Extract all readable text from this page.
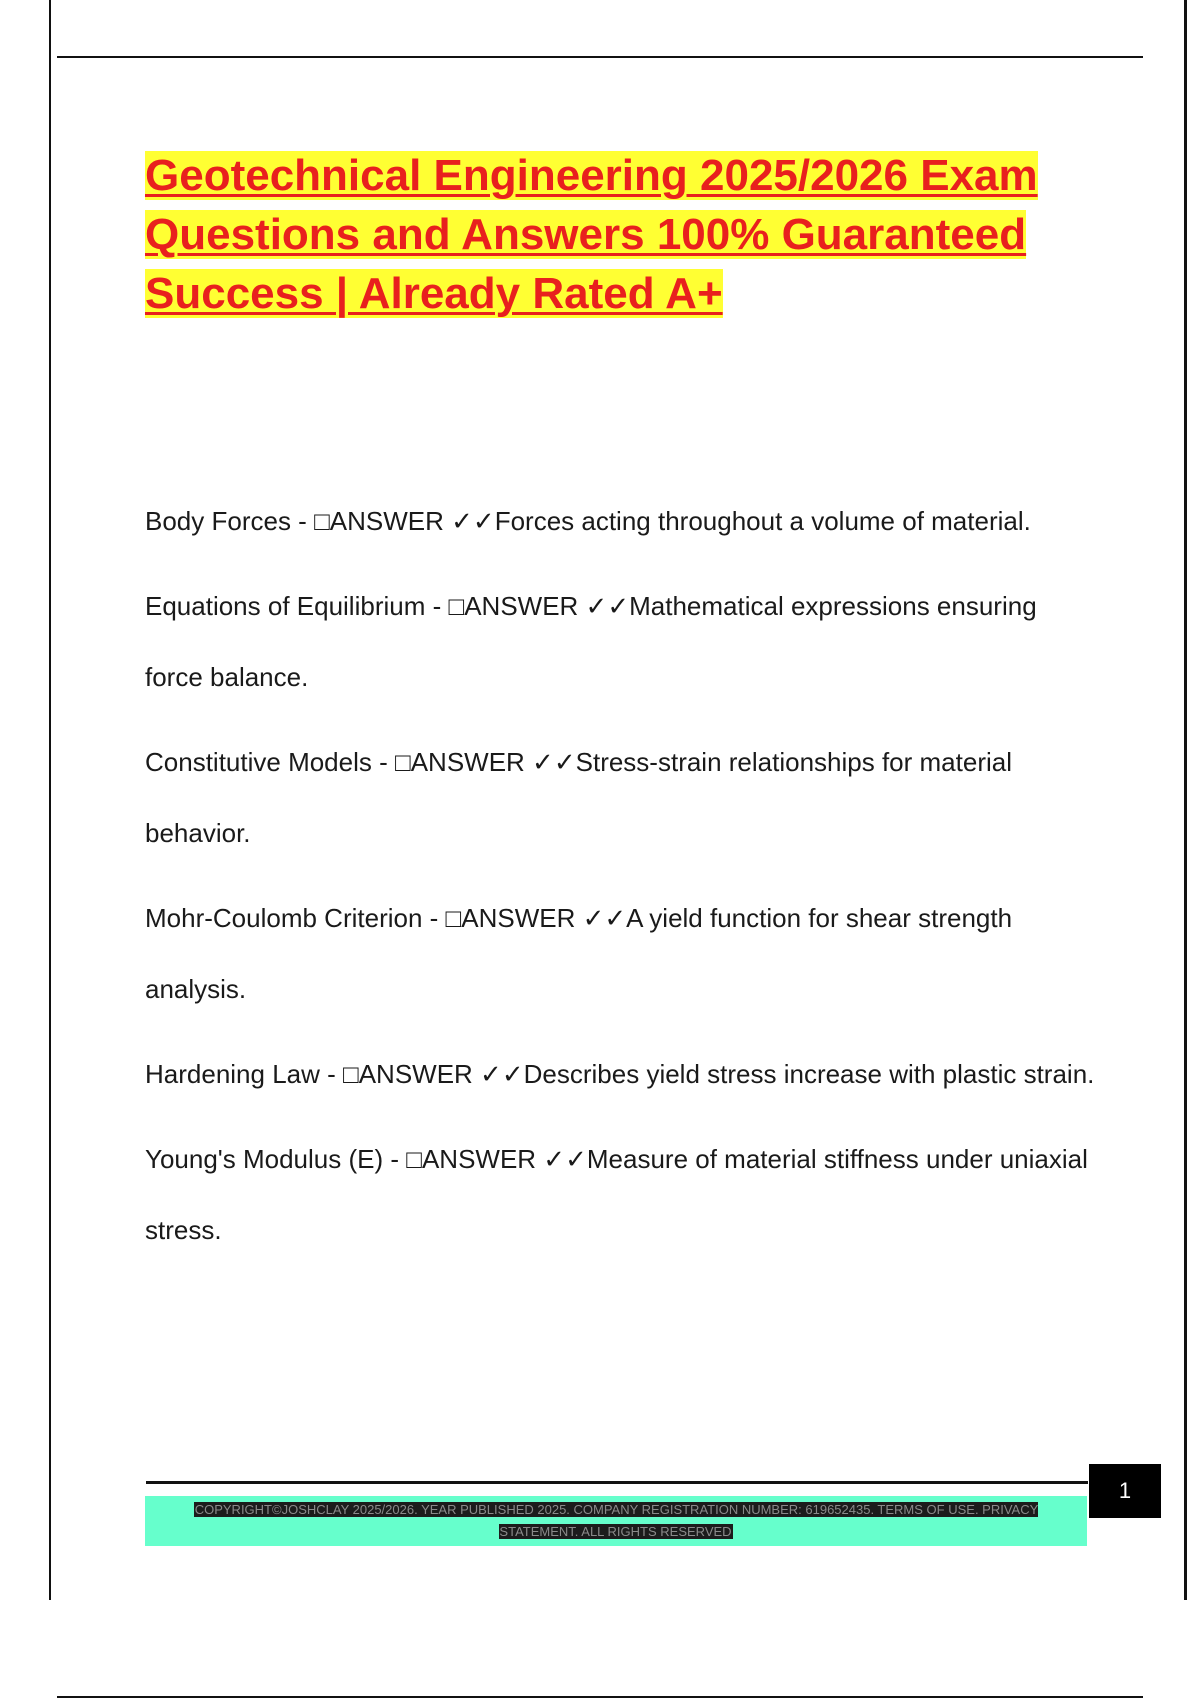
Geotechnical Engineering 2025/2026 Exam Questions and Answers 100% Guaranteed Success | Already Rated A+
Body Forces - □ANSWER ✓✓Forces acting throughout a volume of material.
Equations of Equilibrium - □ANSWER ✓✓Mathematical expressions ensuring force balance.
Constitutive Models - □ANSWER ✓✓Stress-strain relationships for material behavior.
Mohr-Coulomb Criterion - □ANSWER ✓✓A yield function for shear strength analysis.
Hardening Law - □ANSWER ✓✓Describes yield stress increase with plastic strain.
Young's Modulus (E) - □ANSWER ✓✓Measure of material stiffness under uniaxial stress.
1
COPYRIGHT©JOSHCLAY 2025/2026. YEAR PUBLISHED 2025. COMPANY REGISTRATION NUMBER: 619652435. TERMS OF USE. PRIVACY STATEMENT. ALL RIGHTS RESERVED
